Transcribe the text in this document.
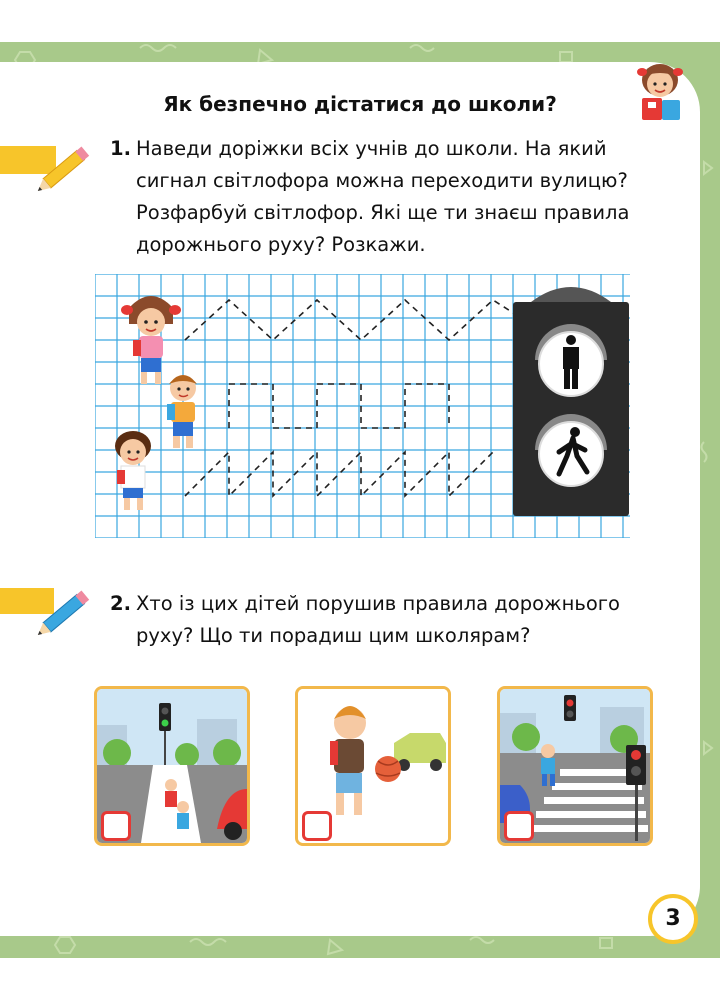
Як безпечно дістатися до школи?
1. Наведи доріжки всіх учнів до школи. На який
сигнал світлофора можна переходити вулицю?
Розфарбуй світлофор. Які ще ти знаєш правила
дорожнього руху? Розкажи.
2. Хто із цих дітей порушив правила дорожнього
руху? Що ти порадиш цим школярам?
3
